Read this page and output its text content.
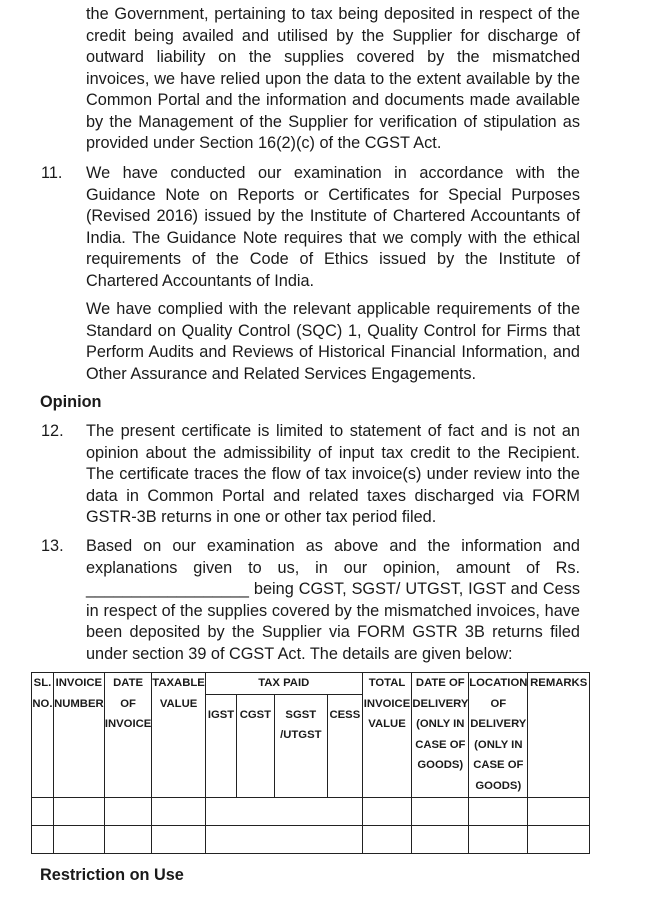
the Government, pertaining to tax being deposited in respect of the credit being availed and utilised by the Supplier for discharge of outward liability on the supplies covered by the mismatched invoices, we have relied upon the data to the extent available by the Common Portal and the information and documents made available by the Management of the Supplier for verification of stipulation as provided under Section 16(2)(c) of the CGST Act.

11. We have conducted our examination in accordance with the Guidance Note on Reports or Certificates for Special Purposes (Revised 2016) issued by the Institute of Chartered Accountants of India. The Guidance Note requires that we comply with the ethical requirements of the Code of Ethics issued by the Institute of Chartered Accountants of India.

We have complied with the relevant applicable requirements of the Standard on Quality Control (SQC) 1, Quality Control for Firms that Perform Audits and Reviews of Historical Financial Information, and Other Assurance and Related Services Engagements.

Opinion

12. The present certificate is limited to statement of fact and is not an opinion about the admissibility of input tax credit to the Recipient. The certificate traces the flow of tax invoice(s) under review into the data in Common Portal and related taxes discharged via FORM GSTR-3B returns in one or other tax period filed.

13. Based on our examination as above and the information and explanations given to us, in our opinion, amount of Rs. __________________ being CGST, SGST/ UTGST, IGST and Cess in respect of the supplies covered by the mismatched invoices, have been deposited by the Supplier via FORM GSTR 3B returns filed under section 39 of CGST Act. The details are given below:

SL. NO.	INVOICE NUMBER	DATE OF INVOICE	TAXABLE VALUE	TAX PAID				TOTAL INVOICE VALUE	DATE OF DELIVERY (ONLY IN CASE OF GOODS)	LOCATION OF DELIVERY (ONLY IN CASE OF GOODS)	REMARKS
				IGST	CGST	SGST /UTGST	CESS				

Restriction on Use
